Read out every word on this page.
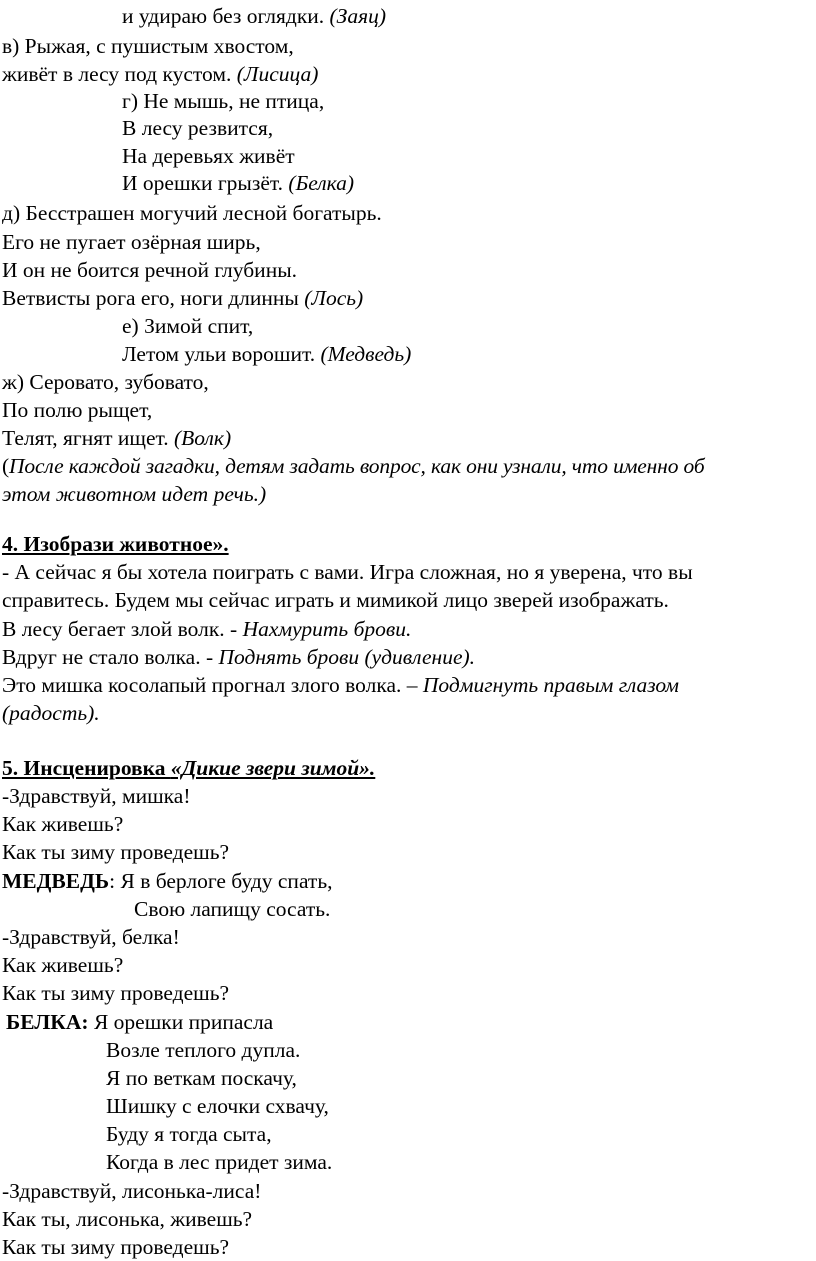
и удираю без оглядки. (Заяц)
в) Рыжая, с пушистым хвостом,
живёт в лесу под кустом. (Лисица)
г) Не мышь, не птица,
В лесу резвится,
На деревьях живёт
И орешки грызёт. (Белка)
д) Бесстрашен могучий лесной богатырь.
Его не пугает озёрная ширь,
И он не боится речной глубины.
Ветвисты рога его, ноги длинны (Лось)
е) Зимой спит,
Летом ульи ворошит. (Медведь)
ж) Серовато, зубовато,
По полю рыщет,
Телят, ягнят ищет. (Волк)
(После каждой загадки, детям задать вопрос, как они узнали, что именно об
этом животном идет речь.)
4. Изобрази животное».
- А сейчас я бы хотела поиграть с вами. Игра сложная, но я уверена, что вы
справитесь. Будем мы сейчас играть и мимикой лицо зверей изображать.
В лесу бегает злой волк. - Нахмурить брови.
Вдруг не стало волка. - Поднять брови (удивление).
Это мишка косолапый прогнал злого волка. – Подмигнуть правым глазом
(радость).
5. Инсценировка «Дикие звери зимой».
-Здравствуй, мишка!
Как живешь?
Как ты зиму проведешь?
МЕДВЕДЬ: Я в берлоге буду спать,
Свою лапищу сосать.
-Здравствуй, белка!
Как живешь?
Как ты зиму проведешь?
БЕЛКА: Я орешки припасла
Возле теплого дупла.
Я по веткам поскачу,
Шишку с елочки схвачу,
Буду я тогда сыта,
Когда в лес придет зима.
-Здравствуй, лисонька-лиса!
Как ты, лисонька, живешь?
Как ты зиму проведешь?
